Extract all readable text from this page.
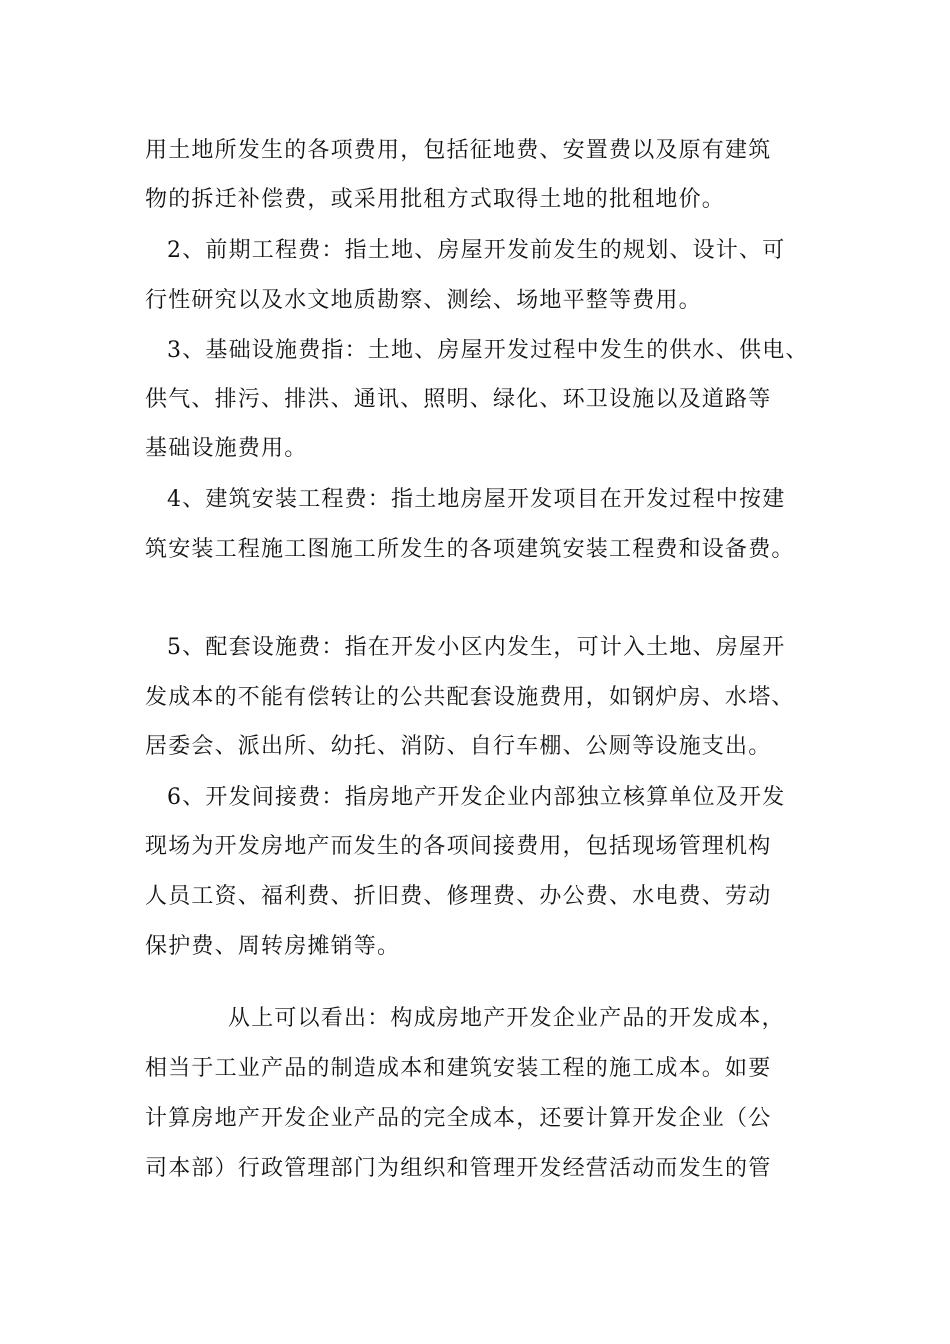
用土地所发生的各项费用，包括征地费、安置费以及原有建筑
物的拆迁补偿费，或采用批租方式取得土地的批租地价。
2、前期工程费：指土地、房屋开发前发生的规划、设计、可
行性研究以及水文地质勘察、测绘、场地平整等费用。
3、基础设施费指：土地、房屋开发过程中发生的供水、供电、
供气、排污、排洪、通讯、照明、绿化、环卫设施以及道路等
基础设施费用。
4、建筑安装工程费：指土地房屋开发项目在开发过程中按建
筑安装工程施工图施工所发生的各项建筑安装工程费和设备费。
5、配套设施费：指在开发小区内发生，可计入土地、房屋开
发成本的不能有偿转让的公共配套设施费用，如钢炉房、水塔、
居委会、派出所、幼托、消防、自行车棚、公厕等设施支出。
6、开发间接费：指房地产开发企业内部独立核算单位及开发
现场为开发房地产而发生的各项间接费用，包括现场管理机构
人员工资、福利费、折旧费、修理费、办公费、水电费、劳动
保护费、周转房摊销等。
从上可以看出：构成房地产开发企业产品的开发成本，
相当于工业产品的制造成本和建筑安装工程的施工成本。如要
计算房地产开发企业产品的完全成本，还要计算开发企业（公
司本部）行政管理部门为组织和管理开发经营活动而发生的管
